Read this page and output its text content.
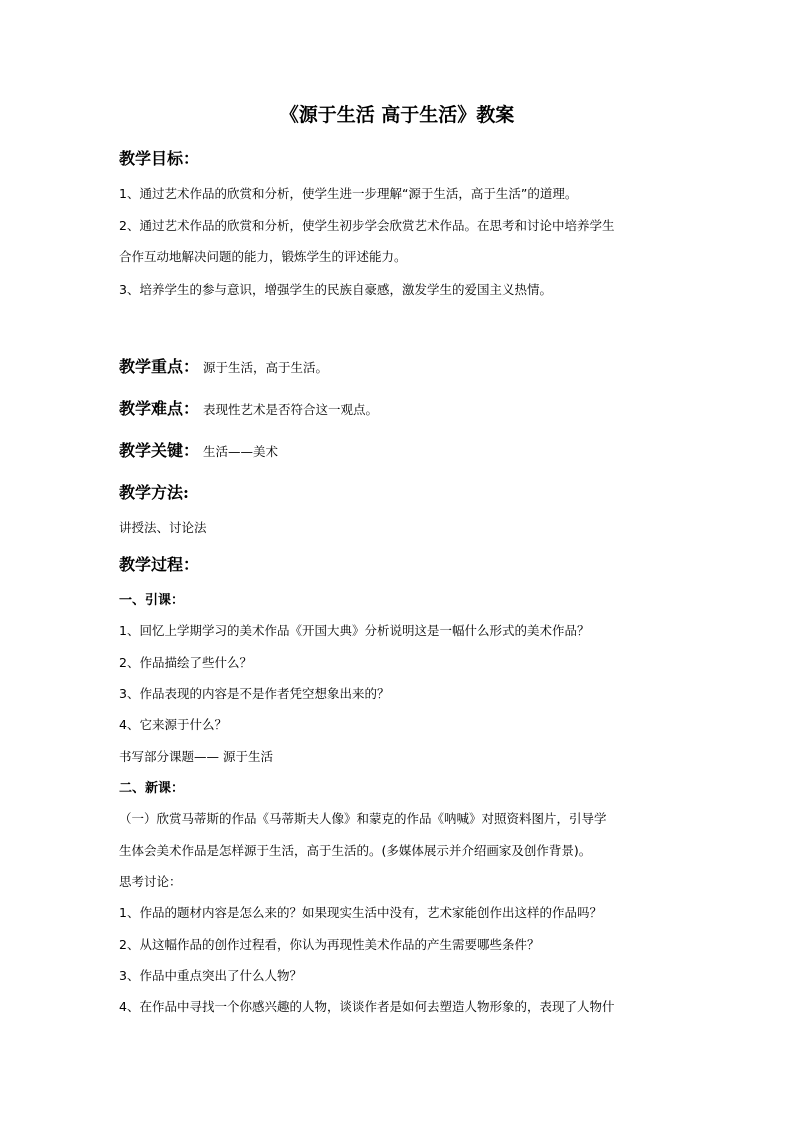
《源于生活 高于生活》教案
教学目标：
1、通过艺术作品的欣赏和分析，使学生进一步理解“源于生活，高于生活”的道理。
2、通过艺术作品的欣赏和分析，使学生初步学会欣赏艺术作品。在思考和讨论中培养学生
合作互动地解决问题的能力，锻炼学生的评述能力。
3、培养学生的参与意识，增强学生的民族自豪感，激发学生的爱国主义热情。
教学重点： 源于生活，高于生活。
教学难点： 表现性艺术是否符合这一观点。
教学关键： 生活——美术
教学方法:
讲授法、讨论法
教学过程：
一、引课：
1、回忆上学期学习的美术作品《开国大典》分析说明这是一幅什么形式的美术作品？
2、作品描绘了些什么？
3、作品表现的内容是不是作者凭空想象出来的？
4、它来源于什么？
书写部分课题—— 源于生活
二、新课：
（一）欣赏马蒂斯的作品《马蒂斯夫人像》和蒙克的作品《呐喊》对照资料图片，引导学
生体会美术作品是怎样源于生活，高于生活的。(多媒体展示并介绍画家及创作背景)。
思考讨论：
1、作品的题材内容是怎么来的？如果现实生活中没有，艺术家能创作出这样的作品吗？
2、从这幅作品的创作过程看，你认为再现性美术作品的产生需要哪些条件？
3、作品中重点突出了什么人物？
4、在作品中寻找一个你感兴趣的人物，谈谈作者是如何去塑造人物形象的，表现了人物什
